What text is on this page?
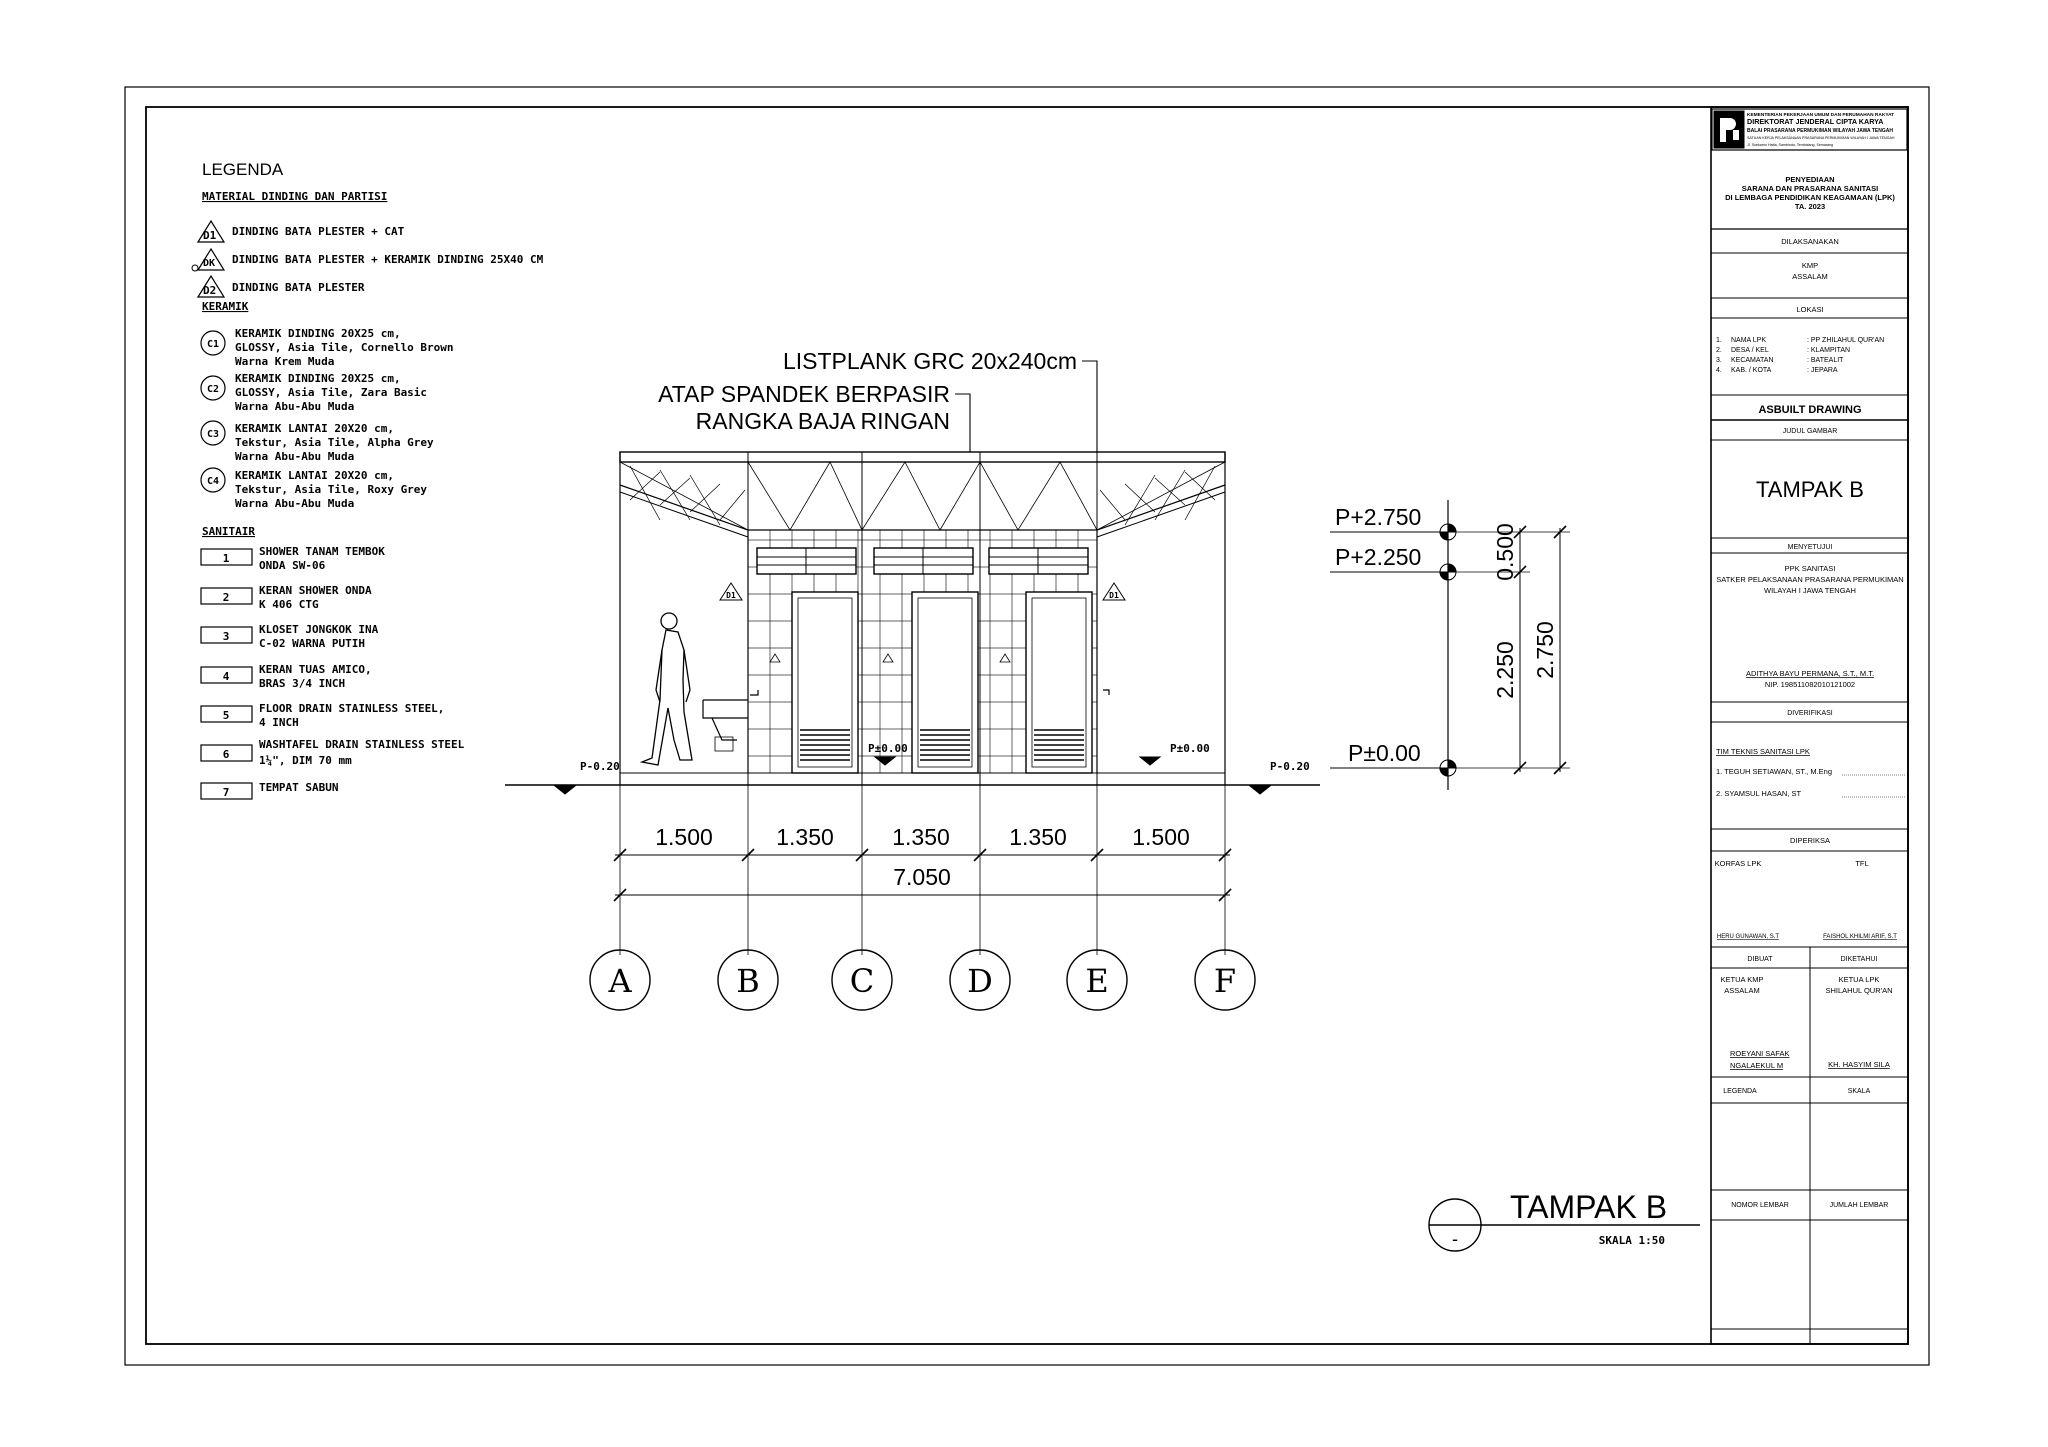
LEGENDA
MATERIAL DINDING DAN PARTISI
D1 DINDING BATA PLESTER + CAT
DK DINDING BATA PLESTER + KERAMIK DINDING 25X40 CM
D2 DINDING BATA PLESTER
KERAMIK
C1
KERAMIK DINDING 20X25 cm,
GLOSSY, Asia Tile, Cornello Brown
Warna Krem Muda
C2
KERAMIK DINDING 20X25 cm,
GLOSSY, Asia Tile, Zara Basic
Warna Abu-Abu Muda
C3 KERAMIK LANTAI 20X20 cm,
Tekstur, Asia Tile, Alpha Grey
Warna Abu-Abu Muda
C4 KERAMIK LANTAI 20X20 cm,
Tekstur, Asia Tile, Roxy Grey
Warna Abu-Abu Muda
SANITAIR
1
SHOWER TANAM TEMBOK
ONDA SW-06
2
KERAN SHOWER ONDA
K 406 CTG
3
KLOSET JONGKOK INA
C-02 WARNA PUTIH
4
KERAN TUAS AMICO,
BRAS 3/4 INCH
5
FLOOR DRAIN STAINLESS STEEL,
4 INCH
6
WASHTAFEL DRAIN STAINLESS STEEL
1¼", DIM 70 mm
7	TEMPAT SABUN
A	B	C	D	E	F
LISTPLANK GRC 20x240cm
ATAP SPANDEK BERPASIR
RANGKA BAJA RINGAN
D1	D1
P-0.20	P-0.20
P±0.00	P±0.00
P+2.750
P+2.250
P±0.00
0.500
2.250 2.750
1.500	1.350	1.350	1.350	1.500
7.050
-
TAMPAK B
SKALA 1:50
KEMENTERIAN PEKERJAAN UMUM DAN PERUMAHAN RAKYAT
DIREKTORAT JENDERAL CIPTA KARYA
BALAI PRASARANA PERMUKIMAN WILAYAH JAWA TENGAH
SATUAN KERJA PELAKSANAAN PRASARANA PERMUKIMAN WILAYAH I JAWA TENGAH
Jl. Soekarno Hatta, Sambiroto, Tembalang, Semarang
PENYEDIAAN
SARANA DAN PRASARANA SANITASI
DI LEMBAGA PENDIDIKAN KEAGAMAAN (LPK)
TA. 2023
DILAKSANAKAN
KMP
ASSALAM
LOKASI
1. NAMA LPK	: PP ZHILAHUL QUR'AN
2. DESA / KEL	: KLAMPITAN
3. KECAMATAN	: BATEALIT
4. KAB. / KOTA	: JEPARA
ASBUILT DRAWING
JUDUL GAMBAR
TAMPAK B
MENYETUJUI
PPK SANITASI
SATKER PELAKSANAAN PRASARANA PERMUKIMAN
WILAYAH I JAWA TENGAH
ADITHYA BAYU PERMANA, S.T., M.T.
NIP. 198511082010121002
DIVERIFIKASI
TIM TEKNIS SANITASI LPK
1. TEGUH SETIAWAN, ST., M.Eng
2. SYAMSUL HASAN, ST
DIPERIKSA
KORFAS LPK	TFL
HERU GUNAWAN, S.T	FAISHOL KHILMI ARIF, S.T
DIBUAT	DIKETAHUI
KETUA KMP
ASSALAM
KETUA LPK
SHILAHUL QUR'AN
ROEYANI SAFAK
NGALAEKUL M	KH. HASYIM SILA
LEGENDA	SKALA
NOMOR LEMBAR	JUMLAH LEMBAR
